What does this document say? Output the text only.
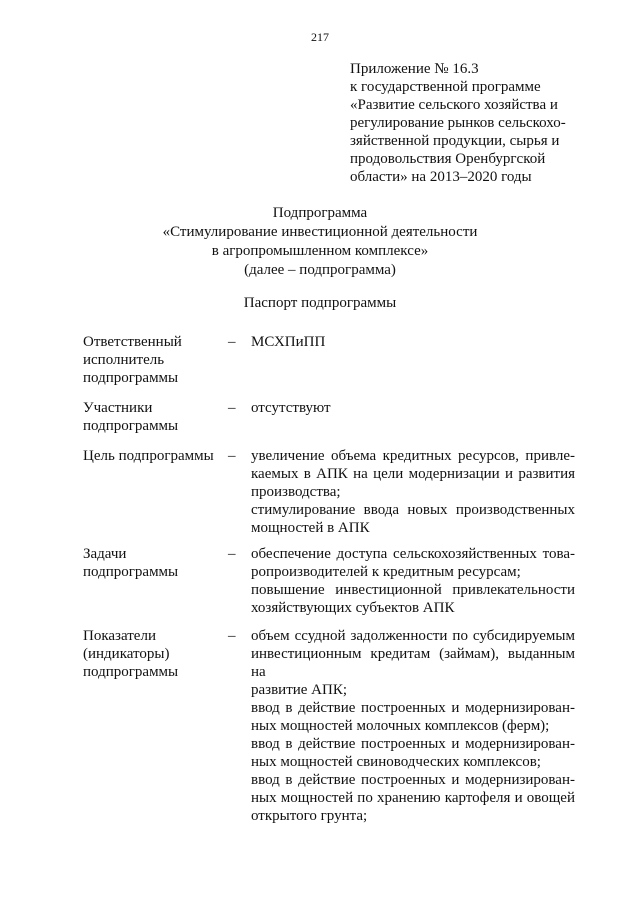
217
Приложение № 16.3
к государственной программе
«Развитие сельского хозяйства и
регулирование рынков сельскохо-
зяйственной продукции, сырья и
продовольствия Оренбургской
области» на 2013–2020 годы
Подпрограмма
«Стимулирование инвестиционной деятельности
в агропромышленном комплексе»
(далее – подпрограмма)
Паспорт подпрограммы
Ответственный
исполнитель
подпрограммы
– МСХПиПП
Участники
подпрограммы
– отсутствуют
Цель подпрограммы – увеличение объема кредитных ресурсов, привле-
каемых в АПК на цели модернизации и развития
производства;
стимулирование ввода новых производственных
мощностей в АПК
Задачи
подпрограммы
– обеспечение доступа сельскохозяйственных това-
ропроизводителей к кредитным ресурсам;
повышение инвестиционной привлекательности
хозяйствующих субъектов АПК
Показатели
(индикаторы)
подпрограммы
– объем ссудной задолженности по субсидируемым
инвестиционным кредитам (займам), выданным на
развитие АПК;
ввод в действие построенных и модернизирован-
ных мощностей молочных комплексов (ферм);
ввод в действие построенных и модернизирован-
ных мощностей свиноводческих комплексов;
ввод в действие построенных и модернизирован-
ных мощностей по хранению картофеля и овощей
открытого грунта;
